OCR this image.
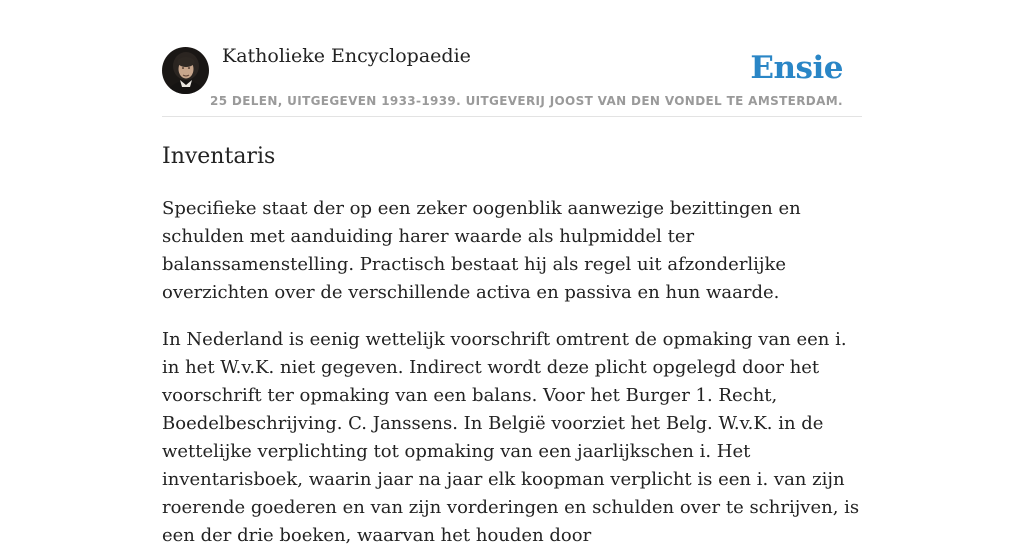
Katholieke Encyclopaedie
25 DELEN, UITGEGEVEN 1933-1939. UITGEVERIJ JOOST VAN DEN VONDEL TE AMSTERDAM.
Ensie
Inventaris

Specifieke staat der op een zeker oogenblik aanwezige bezittingen en schulden met aanduiding harer waarde als hulpmiddel ter balanssamenstelling. Practisch bestaat hij als regel uit afzonderlijke overzichten over de verschillende activa en passiva en hun waarde.

In Nederland is eenig wettelijk voorschrift omtrent de opmaking van een i. in het W.v.K. niet gegeven. Indirect wordt deze plicht opgelegd door het voorschrift ter opmaking van een balans. Voor het Burger 1. Recht, Boedelbeschrijving. C. Janssens. In België voorziet het Belg. W.v.K. in de wettelijke verplichting tot opmaking van een jaarlijkschen i. Het inventarisboek, waarin jaar na jaar elk koopman verplicht is een i. van zijn roerende goederen en van zijn vorderingen en schulden over te schrijven, is een der drie boeken, waarvan het houden door
